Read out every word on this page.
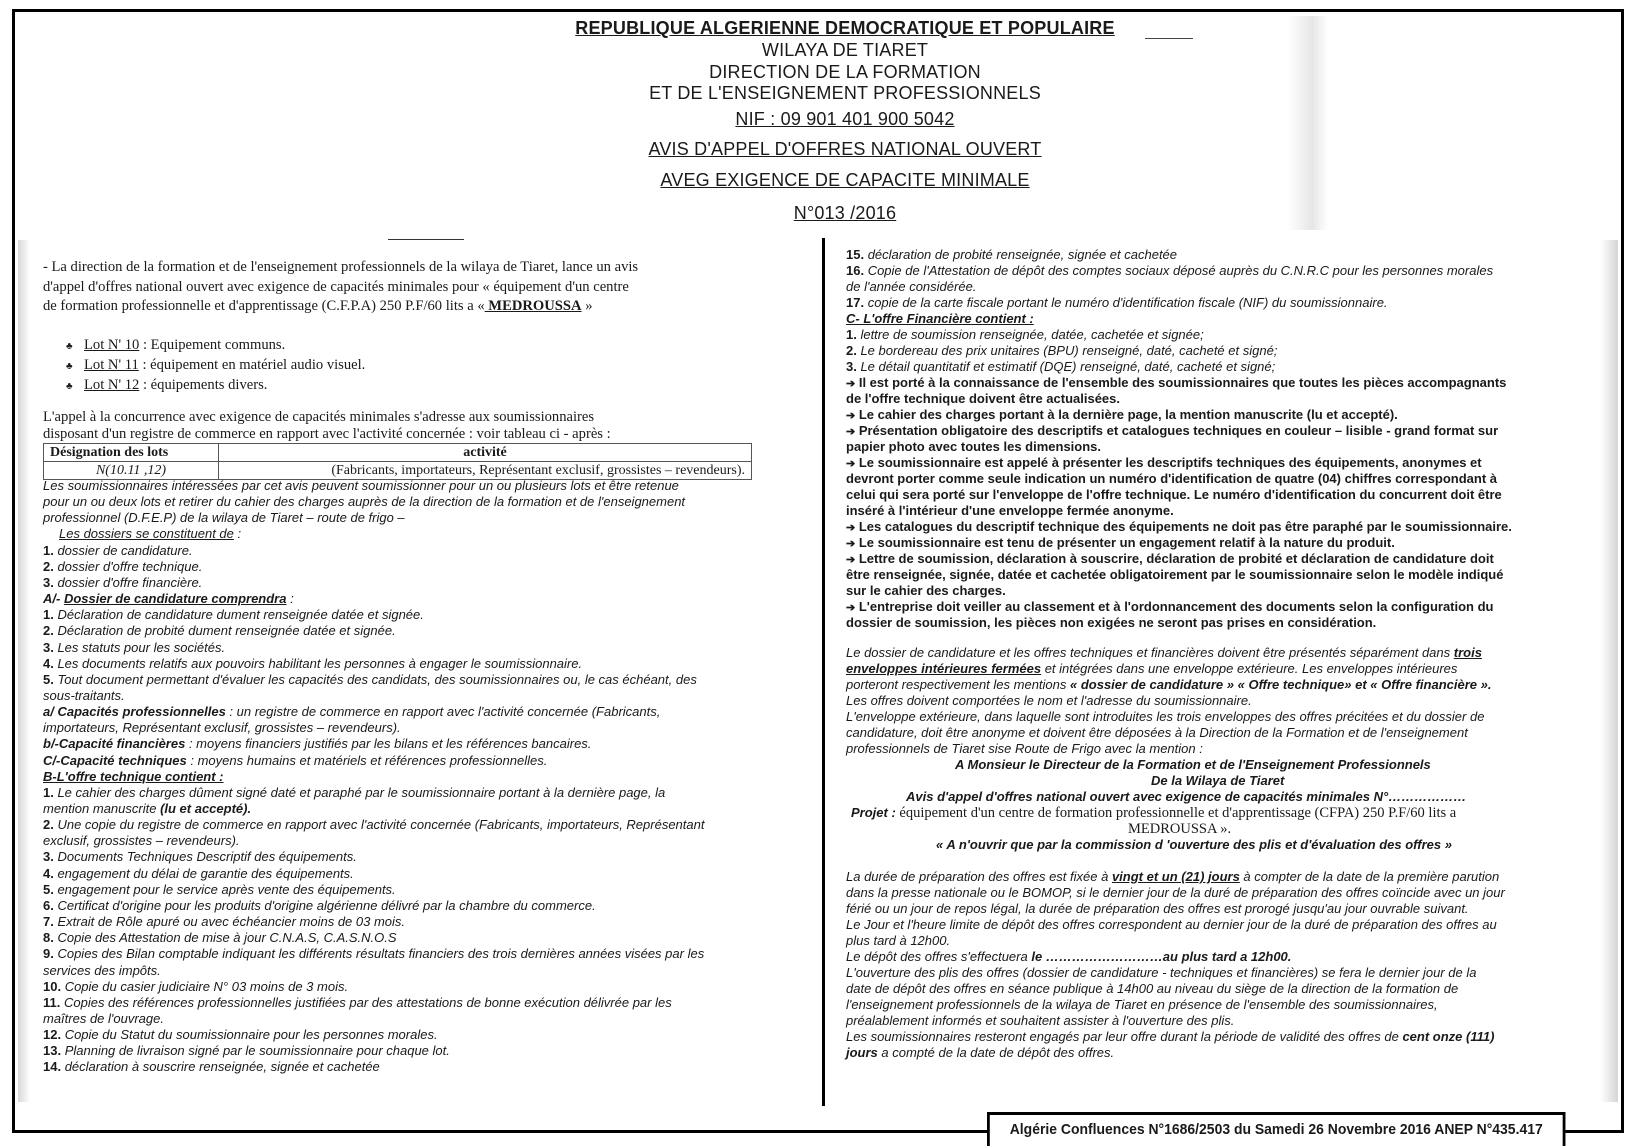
REPUBLIQUE ALGERIENNE DEMOCRATIQUE ET POPULAIRE
WILAYA DE TIARET
DIRECTION DE LA FORMATION
ET DE L'ENSEIGNEMENT PROFESSIONNELS
NIF : 09 901 401 900 5042
AVIS D'APPEL D'OFFRES NATIONAL OUVERT
AVEG EXIGENCE DE CAPACITE MINIMALE
N°013 /2016
- La direction de la formation et de l'enseignement professionnels de la wilaya de Tiaret, lance un avis
d'appel d'offres national ouvert avec exigence de capacités minimales pour « équipement d'un centre
de formation professionnelle et d'apprentissage (C.F.P.A) 250 P.F/60 lits a « MEDROUSSA »
♣ Lot N' 10 : Equipement communs.
♣ Lot N' 11 : équipement en matériel audio visuel.
♣ Lot N' 12 : équipements divers.
L'appel à la concurrence avec exigence de capacités minimales s'adresse aux soumissionnaires
disposant d'un registre de commerce en rapport avec l'activité concernée : voir tableau ci - après :
Désignation des lots	activité
N(10.11 ,12)	(Fabricants, importateurs, Représentant exclusif, grossistes – revendeurs).
Les soumissionnaires intéressées par cet avis peuvent soumissionner pour un ou plusieurs lots et être retenue
pour un ou deux lots et retirer du cahier des charges auprès de la direction de la formation et de l'enseignement
professionnel (D.F.E.P) de la wilaya de Tiaret – route de frigo –
Les dossiers se constituent de :
1. dossier de candidature.
2. dossier d'offre technique.
3. dossier d'offre financière.
A/- Dossier de candidature comprendra :
1. Déclaration de candidature dument renseignée datée et signée.
2. Déclaration de probité dument renseignée datée et signée.
3. Les statuts pour les sociétés.
4. Les documents relatifs aux pouvoirs habilitant les personnes à engager le soumissionnaire.
5. Tout document permettant d'évaluer les capacités des candidats, des soumissionnaires ou, le cas échéant, des
sous-traitants.
a/ Capacités professionnelles : un registre de commerce en rapport avec l'activité concernée (Fabricants,
importateurs, Représentant exclusif, grossistes – revendeurs).
b/-Capacité financières : moyens financiers justifiés par les bilans et les références bancaires.
C/-Capacité techniques : moyens humains et matériels et références professionnelles.
B-L'offre technique contient :
1. Le cahier des charges dûment signé daté et paraphé par le soumissionnaire portant à la dernière page, la
mention manuscrite (lu et accepté).
2. Une copie du registre de commerce en rapport avec l'activité concernée (Fabricants, importateurs, Représentant
exclusif, grossistes – revendeurs).
3. Documents Techniques Descriptif des équipements.
4. engagement du délai de garantie des équipements.
5. engagement pour le service après vente des équipements.
6. Certificat d'origine pour les produits d'origine algérienne délivré par la chambre du commerce.
7. Extrait de Rôle apuré ou avec échéancier moins de 03 mois.
8. Copie des Attestation de mise à jour C.N.A.S, C.A.S.N.O.S
9. Copies des Bilan comptable indiquant les différents résultats financiers des trois dernières années visées par les
services des impôts.
10. Copie du casier judiciaire N° 03 moins de 3 mois.
11. Copies des références professionnelles justifiées par des attestations de bonne exécution délivrée par les
maîtres de l'ouvrage.
12. Copie du Statut du soumissionnaire pour les personnes morales.
13. Planning de livraison signé par le soumissionnaire pour chaque lot.
14. déclaration à souscrire renseignée, signée et cachetée
15. déclaration de probité renseignée, signée et cachetée
16. Copie de l'Attestation de dépôt des comptes sociaux déposé auprès du C.N.R.C pour les personnes morales
de l'année considérée.
17. copie de la carte fiscale portant le numéro d'identification fiscale (NIF) du soumissionnaire.
C- L'offre Financière contient :
1. lettre de soumission renseignée, datée, cachetée et signée;
2. Le bordereau des prix unitaires (BPU) renseigné, daté, cacheté et signé;
3. Le détail quantitatif et estimatif (DQE) renseigné, daté, cacheté et signé;
➔ Il est porté à la connaissance de l'ensemble des soumissionnaires que toutes les pièces accompagnants
de l'offre technique doivent être actualisées.
➔ Le cahier des charges portant à la dernière page, la mention manuscrite (lu et accepté).
➔ Présentation obligatoire des descriptifs et catalogues techniques en couleur – lisible - grand format sur
papier photo avec toutes les dimensions.
➔ Le soumissionnaire est appelé à présenter les descriptifs techniques des équipements, anonymes et
devront porter comme seule indication un numéro d'identification de quatre (04) chiffres correspondant à
celui qui sera porté sur l'enveloppe de l'offre technique. Le numéro d'identification du concurrent doit être
inséré à l'intérieur d'une enveloppe fermée anonyme.
➔ Les catalogues du descriptif technique des équipements ne doit pas être paraphé par le soumissionnaire.
➔ Le soumissionnaire est tenu de présenter un engagement relatif à la nature du produit.
➔ Lettre de soumission, déclaration à souscrire, déclaration de probité et déclaration de candidature doit
être renseignée, signée, datée et cachetée obligatoirement par le soumissionnaire selon le modèle indiqué
sur le cahier des charges.
➔ L'entreprise doit veiller au classement et à l'ordonnancement des documents selon la configuration du
dossier de soumission, les pièces non exigées ne seront pas prises en considération.
Le dossier de candidature et les offres techniques et financières doivent être présentés séparément dans trois
enveloppes intérieures fermées et intégrées dans une enveloppe extérieure. Les enveloppes intérieures
porteront respectivement les mentions « dossier de candidature » « Offre technique» et « Offre financière ».
Les offres doivent comportées le nom et l'adresse du soumissionnaire.
L'enveloppe extérieure, dans laquelle sont introduites les trois enveloppes des offres précitées et du dossier de
candidature, doit être anonyme et doivent être déposées à la Direction de la Formation et de l'enseignement
professionnels de Tiaret sise Route de Frigo avec la mention :
A Monsieur le Directeur de la Formation et de l'Enseignement Professionnels
De la Wilaya de Tiaret
Avis d'appel d'offres national ouvert avec exigence de capacités minimales N°………………
Projet : équipement d'un centre de formation professionnelle et d'apprentissage (CFPA) 250 P.F/60 lits a
MEDROUSSA ».
« A n'ouvrir que par la commission d 'ouverture des plis et d'évaluation des offres »
La durée de préparation des offres est fixée à vingt et un (21) jours à compter de la date de la première parution
dans la presse nationale ou le BOMOP, si le dernier jour de la duré de préparation des offres coïncide avec un jour
férié ou un jour de repos légal, la durée de préparation des offres est prorogé jusqu'au jour ouvrable suivant.
Le Jour et l'heure limite de dépôt des offres correspondent au dernier jour de la duré de préparation des offres au
plus tard à 12h00.
Le dépôt des offres s'effectuera le ………………………au plus tard a 12h00.
L'ouverture des plis des offres (dossier de candidature - techniques et financières) se fera le dernier jour de la
date de dépôt des offres en séance publique à 14h00 au niveau du siège de la direction de la formation de
l'enseignement professionnels de la wilaya de Tiaret en présence de l'ensemble des soumissionnaires,
préalablement informés et souhaitent assister à l'ouverture des plis.
Les soumissionnaires resteront engagés par leur offre durant la période de validité des offres de cent onze (111)
jours a compté de la date de dépôt des offres.
Algérie Confluences N°1686/2503 du Samedi 26 Novembre 2016 ANEP N°435.417
